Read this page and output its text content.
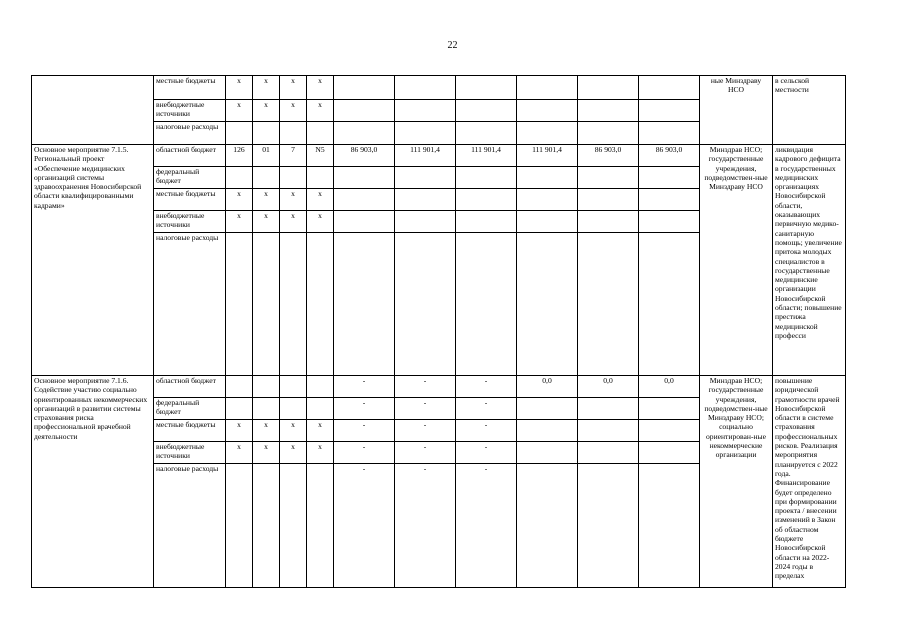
22
	местные бюджеты	x	x	x	x							ные Минздраву НСО	в сельской местности
	внебюджетные источники	x	x	x	x								
	налоговые расходы												
Основное мероприятие 7.1.5. Региональный проект «Обеспечение медицинских организаций системы здравоохранения Новосибирской области квалифицированными кадрами»	областной бюджет	126	01	7	N5	86 903,0	111 901,4	111 901,4	111 901,4	86 903,0	86 903,0	Минздрав НСО; государственные учреждения, подведомствен-ные Минздраву НСО	ликвидация кадрового дефицита в государственных медицинских организациях Новосибирской области, оказывающих первичную медико-санитарную помощь; увеличение притока молодых специалистов в государственные медицинские организации Новосибирской области; повышение престижа медицинской професси
	федеральный бюджет												
	местные бюджеты	x	x	x	x								
	внебюджетные источники	x	x	x	x								
	налоговые расходы												
Основное мероприятие 7.1.6. Содействие участию социально ориентированных некоммерческих организаций в развитии системы страхования риска профессиональной врачебной деятельности	областной бюджет					-	-	-	0,0	0,0	0,0	Минздрав НСО; государственные учреждения, подведомствен-ные Минздраву НСО; социально ориентирован-ные некоммерческие организации	повышение юридической грамотности врачей Новосибирской области в системе страхования профессиональных рисков. Реализация мероприятия планируется с 2022 года. Финансирование будет определено при формировании проекта / внесении изменений в Закон об областном бюджете Новосибирской области на 2022-2024 годы в пределах
	федеральный бюджет					-	-	-					
	местные бюджеты	x	x	x	x	-	-	-					
	внебюджетные источники	x	x	x	x	-	-	-					
	налоговые расходы					-	-	-					
